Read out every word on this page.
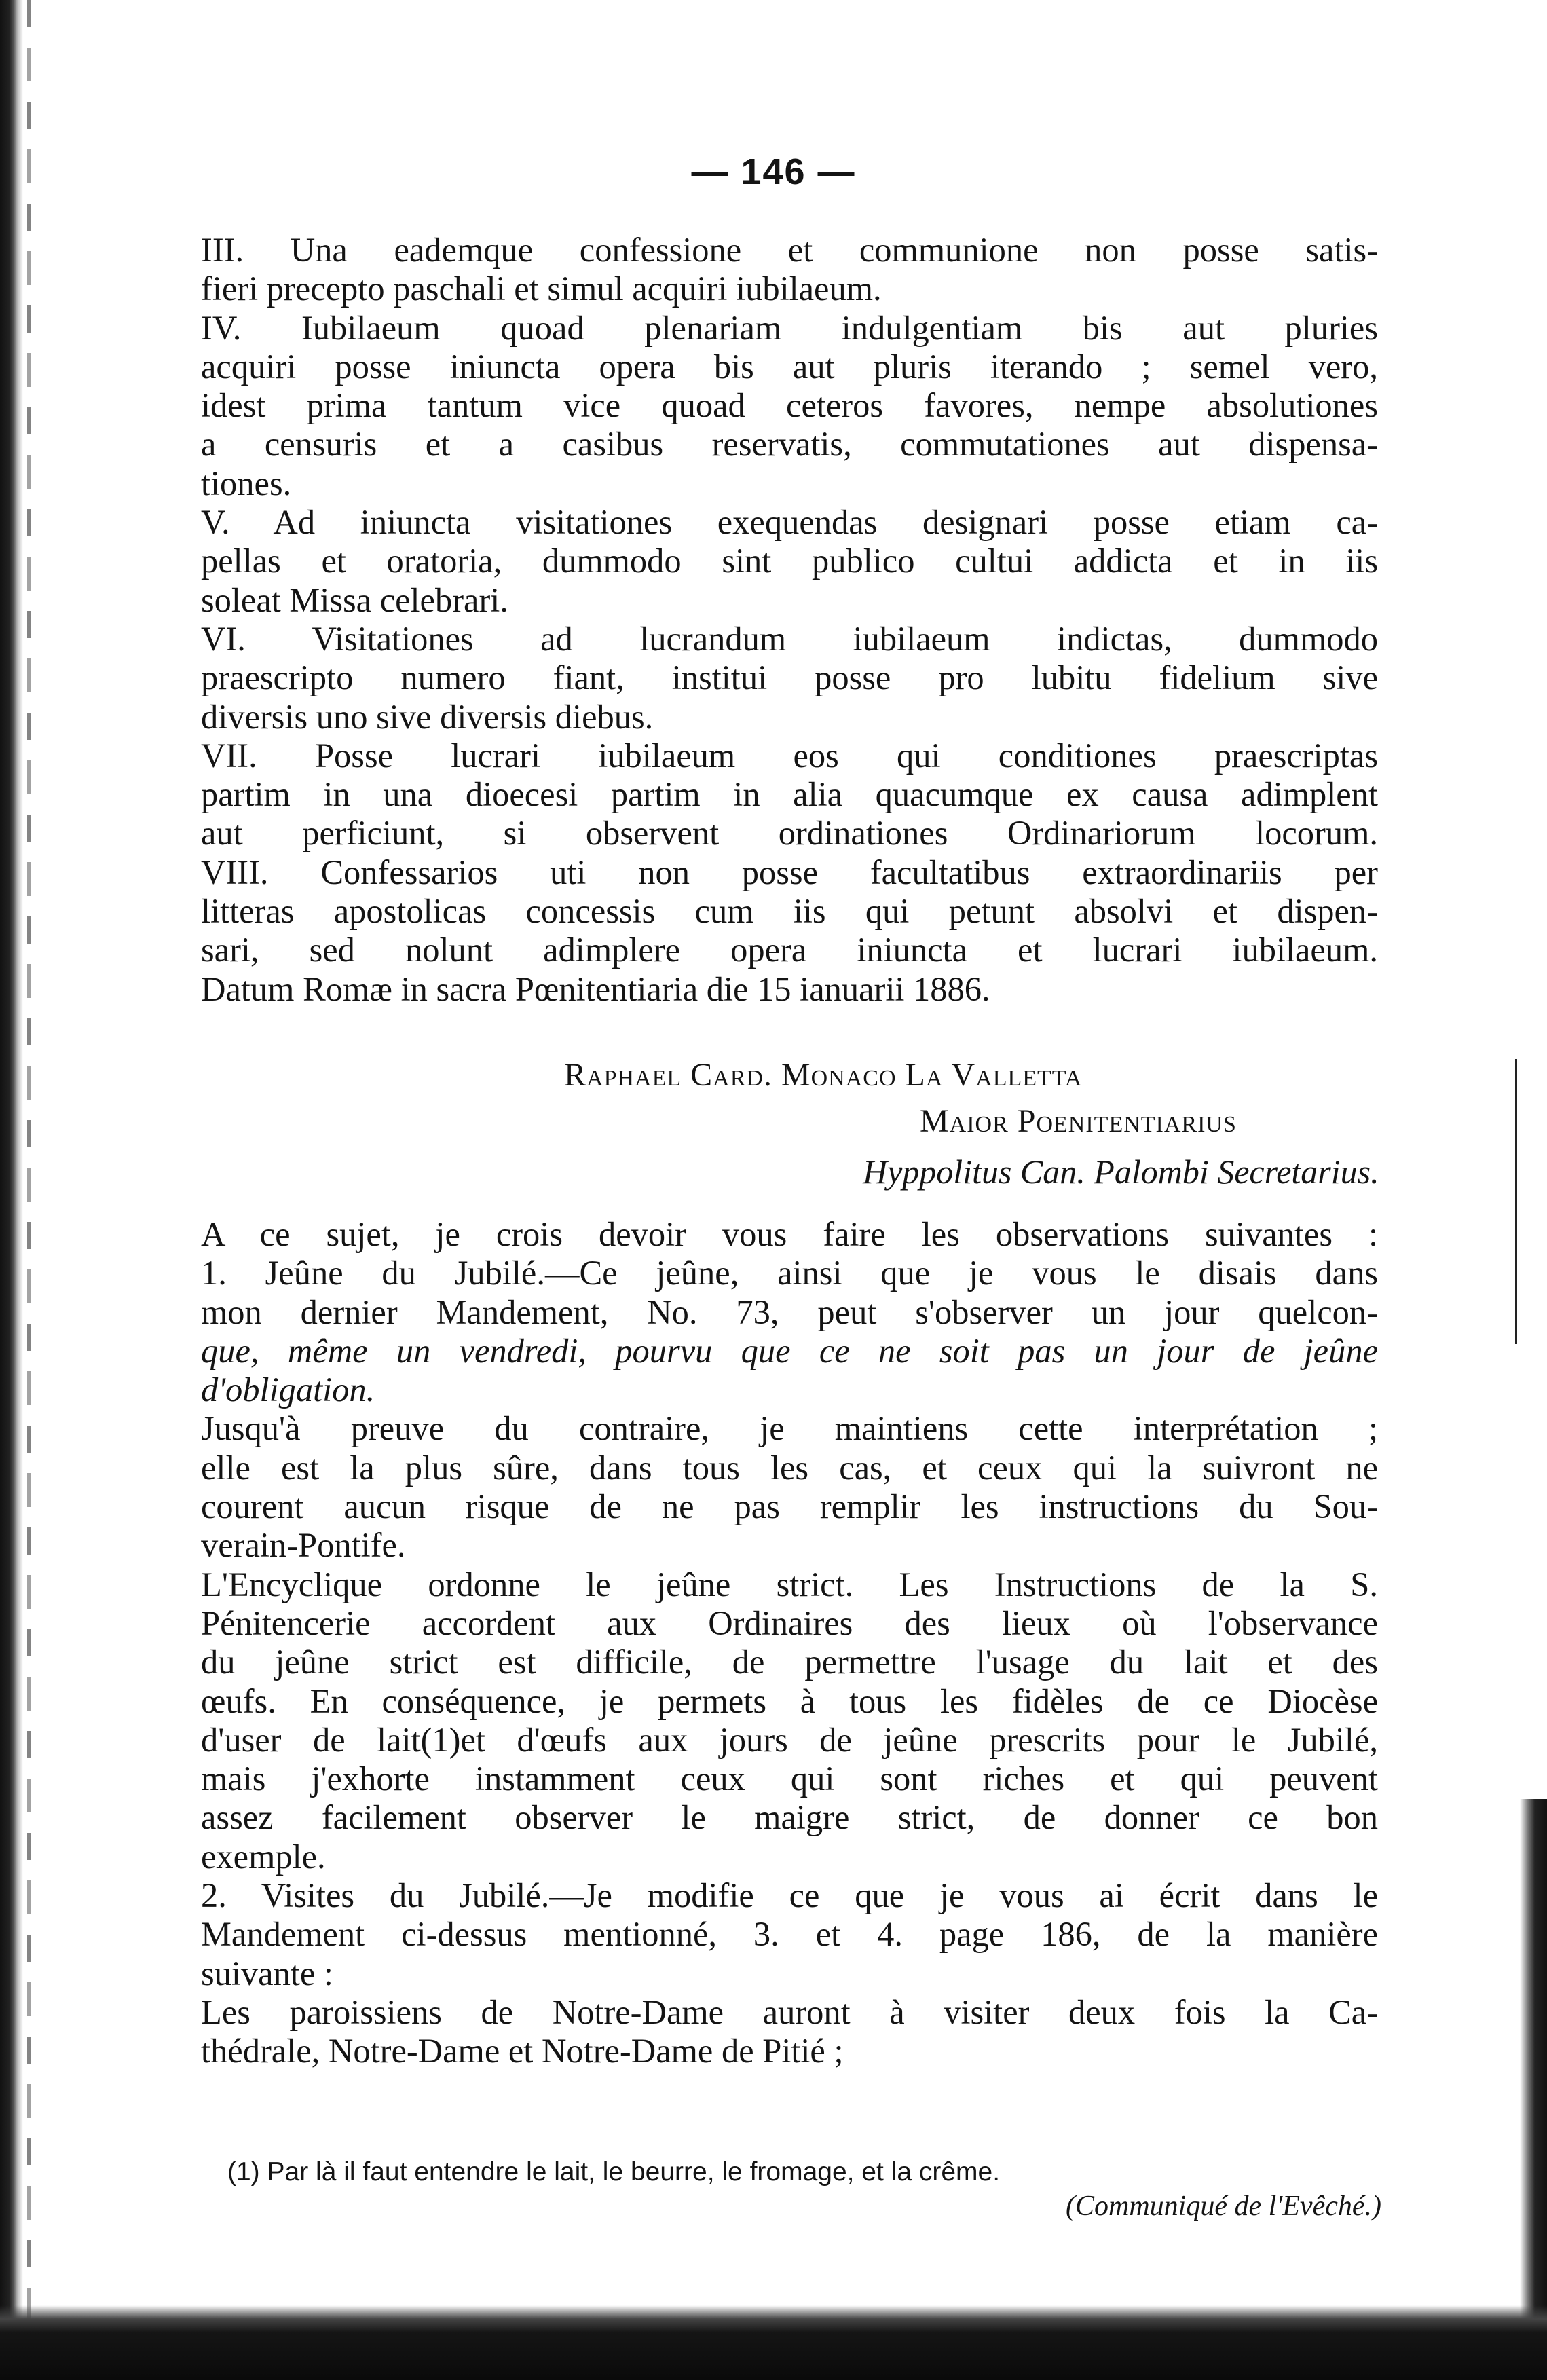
— 146 —
III. Una eademque confessione et communione non posse satis-
fieri precepto paschali et simul acquiri iubilaeum.
IV. Iubilaeum quoad plenariam indulgentiam bis aut pluries
acquiri posse iniuncta opera bis aut pluris iterando ; semel vero,
idest prima tantum vice quoad ceteros favores, nempe absolutiones
a censuris et a casibus reservatis, commutationes aut dispensa-
tiones.
V. Ad iniuncta visitationes exequendas designari posse etiam ca-
pellas et oratoria, dummodo sint publico cultui addicta et in iis
soleat Missa celebrari.
VI. Visitationes ad lucrandum iubilaeum indictas, dummodo
praescripto numero fiant, institui posse pro lubitu fidelium sive
diversis uno sive diversis diebus.
VII. Posse lucrari iubilaeum eos qui conditiones praescriptas
partim in una dioecesi partim in alia quacumque ex causa adimplent
aut perficiunt, si observent ordinationes Ordinariorum locorum.
VIII. Confessarios uti non posse facultatibus extraordinariis per
litteras apostolicas concessis cum iis qui petunt absolvi et dispen-
sari, sed nolunt adimplere opera iniuncta et lucrari iubilaeum.
Datum Romæ in sacra Pœnitentiaria die 15 ianuarii 1886.
Raphael Card. Monaco La Valletta
Maior Poenitentiarius
Hyppolitus Can. Palombi Secretarius.
A ce sujet, je crois devoir vous faire les observations suivantes :
1. Jeûne du Jubilé.—Ce jeûne, ainsi que je vous le disais dans
mon dernier Mandement, No. 73, peut s'observer un jour quelcon-
que, même un vendredi, pourvu que ce ne soit pas un jour de jeûne
d'obligation.
Jusqu'à preuve du contraire, je maintiens cette interprétation ;
elle est la plus sûre, dans tous les cas, et ceux qui la suivront ne
courent aucun risque de ne pas remplir les instructions du Sou-
verain-Pontife.
L'Encyclique ordonne le jeûne strict. Les Instructions de la S.
Pénitencerie accordent aux Ordinaires des lieux où l'observance
du jeûne strict est difficile, de permettre l'usage du lait et des
œufs. En conséquence, je permets à tous les fidèles de ce Diocèse
d'user de lait(1)et d'œufs aux jours de jeûne prescrits pour le Jubilé,
mais j'exhorte instamment ceux qui sont riches et qui peuvent
assez facilement observer le maigre strict, de donner ce bon
exemple.
2. Visites du Jubilé.—Je modifie ce que je vous ai écrit dans le
Mandement ci-dessus mentionné, 3. et 4. page 186, de la manière
suivante :
Les paroissiens de Notre-Dame auront à visiter deux fois la Ca-
thédrale, Notre-Dame et Notre-Dame de Pitié ;
(1) Par là il faut entendre le lait, le beurre, le fromage, et la crême.
(Communiqué de l'Evêché.)
